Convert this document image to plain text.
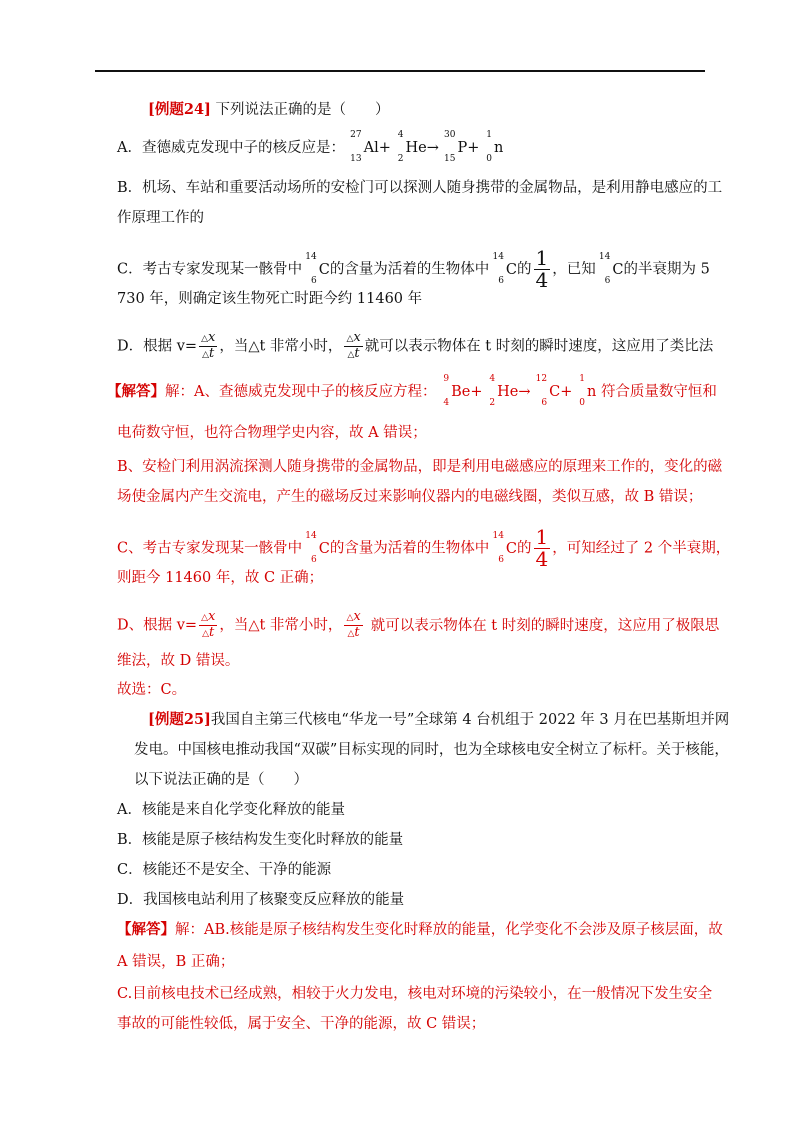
[例题24] 下列说法正确的是（　　）
A．查德威克发现中子的核反应是：
27
13
Al+
4
2
He→
30
15
P+
1
0
n
B．机场、车站和重要活动场所的安检门可以探测人随身携带的金属物品，是利用静电感应的工
作原理工作的
C．考古专家发现某一骸骨中
14
6
C的含量为活着的生物体中
14
6
C的 $\frac{1}{4}$ ，已知
14
6
C的半衰期为 5
730 年，则确定该生物死亡时距今约 11460 年
D．根据 $v= \frac{\triangle x}{\triangle t}$ ，当△t 非常小时， $\frac{\triangle x}{\triangle t}$ 就可以表示物体在 t 时刻的瞬时速度，这应用了类比法
【解答】解：A、查德威克发现中子的核反应方程：
9
4
Be+
4
2
He→
12
6
C+
1
0
n 符合质量数守恒和
电荷数守恒，也符合物理学史内容，故 A 错误；
B、安检门利用涡流探测人随身携带的金属物品，即是利用电磁感应的原理来工作的，变化的磁
场使金属内产生交流电，产生的磁场反过来影响仪器内的电磁线圈，类似互感，故 B 错误；
C、考古专家发现某一骸骨中
14
6
C的含量为活着的生物体中
14
6
C的 $\frac{1}{4}$ ，可知经过了 2 个半衰期，
则距今 11460 年，故 C 正确；
D、根据 $v= \frac{\triangle x}{\triangle t}$ ，当△t 非常小时， $\frac{\triangle x}{\triangle t}$ 就可以表示物体在 t 时刻的瞬时速度，这应用了极限思
维法，故 D 错误。
故选：C。
[例题25]我国自主第三代核电“华龙一号”全球第 4 台机组于 2022 年 3 月在巴基斯坦并网
发电。中国核电推动我国“双碳”目标实现的同时，也为全球核电安全树立了标杆。关于核能，
以下说法正确的是（　　）
A．核能是来自化学变化释放的能量
B．核能是原子核结构发生变化时释放的能量
C．核能还不是安全、干净的能源
D．我国核电站利用了核聚变反应释放的能量
【解答】解：AB.核能是原子核结构发生变化时释放的能量，化学变化不会涉及原子核层面，故
A 错误，B 正确；
C.目前核电技术已经成熟，相较于火力发电，核电对环境的污染较小，在一般情况下发生安全
事故的可能性较低，属于安全、干净的能源，故 C 错误；
